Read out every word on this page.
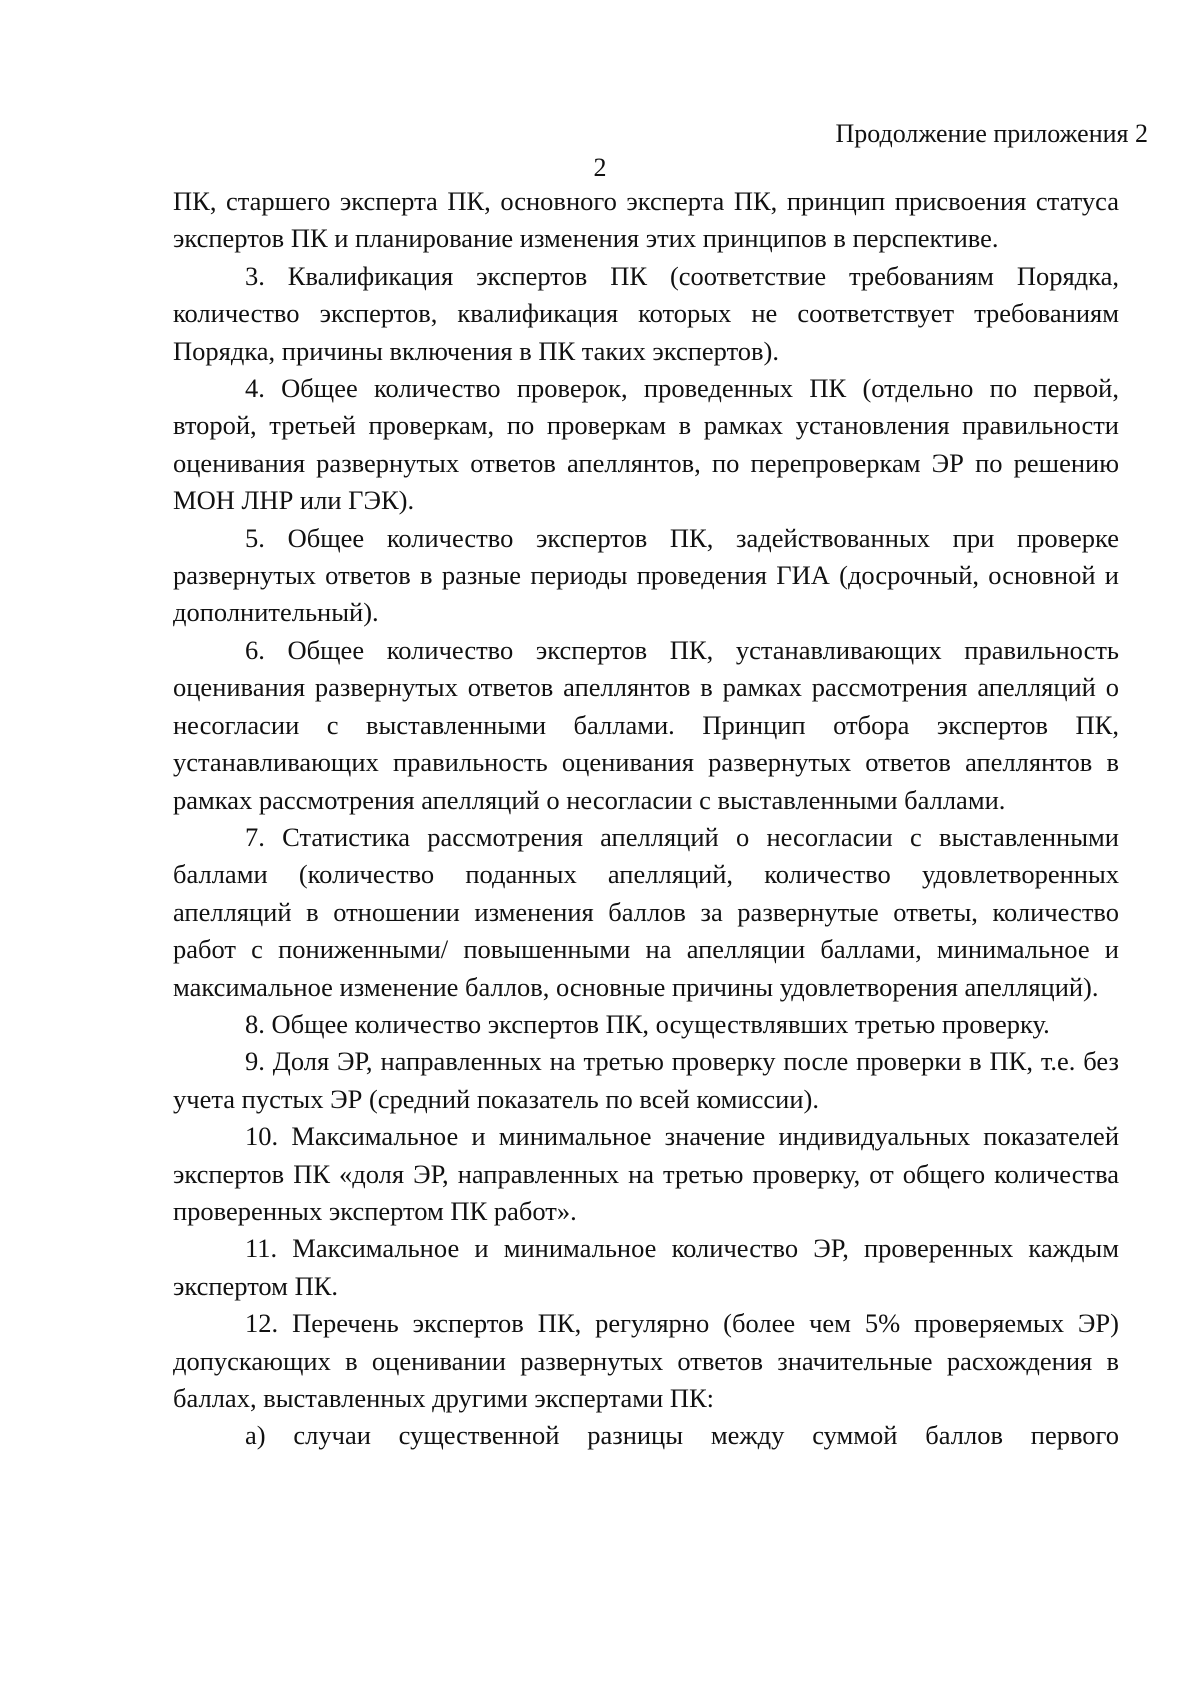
Продолжение приложения 2
2

ПК, старшего эксперта ПК, основного эксперта ПК, принцип присвоения статуса экспертов ПК и планирование изменения этих принципов в перспективе.

3. Квалификация экспертов ПК (соответствие требованиям Порядка, количество экспертов, квалификация которых не соответствует требованиям Порядка, причины включения в ПК таких экспертов).

4. Общее количество проверок, проведенных ПК (отдельно по первой, второй, третьей проверкам, по проверкам в рамках установления правильности оценивания развернутых ответов апеллянтов, по перепроверкам ЭР по решению МОН ЛНР или ГЭК).

5. Общее количество экспертов ПК, задействованных при проверке развернутых ответов в разные периоды проведения ГИА (досрочный, основной и дополнительный).

6. Общее количество экспертов ПК, устанавливающих правильность оценивания развернутых ответов апеллянтов в рамках рассмотрения апелляций о несогласии с выставленными баллами. Принцип отбора экспертов ПК, устанавливающих правильность оценивания развернутых ответов апеллянтов в рамках рассмотрения апелляций о несогласии с выставленными баллами.

7. Статистика рассмотрения апелляций о несогласии с выставленными баллами (количество поданных апелляций, количество удовлетворенных апелляций в отношении изменения баллов за развернутые ответы, количество работ с пониженными/ повышенными на апелляции баллами, минимальное и максимальное изменение баллов, основные причины удовлетворения апелляций).

8. Общее количество экспертов ПК, осуществлявших третью проверку.

9. Доля ЭР, направленных на третью проверку после проверки в ПК, т.е. без учета пустых ЭР (средний показатель по всей комиссии).

10. Максимальное и минимальное значение индивидуальных показателей экспертов ПК «доля ЭР, направленных на третью проверку, от общего количества проверенных экспертом ПК работ».

11. Максимальное и минимальное количество ЭР, проверенных каждым экспертом ПК.

12. Перечень экспертов ПК, регулярно (более чем 5% проверяемых ЭР) допускающих в оценивании развернутых ответов значительные расхождения в баллах, выставленных другими экспертами ПК:

а) случаи существенной разницы между суммой баллов первого
